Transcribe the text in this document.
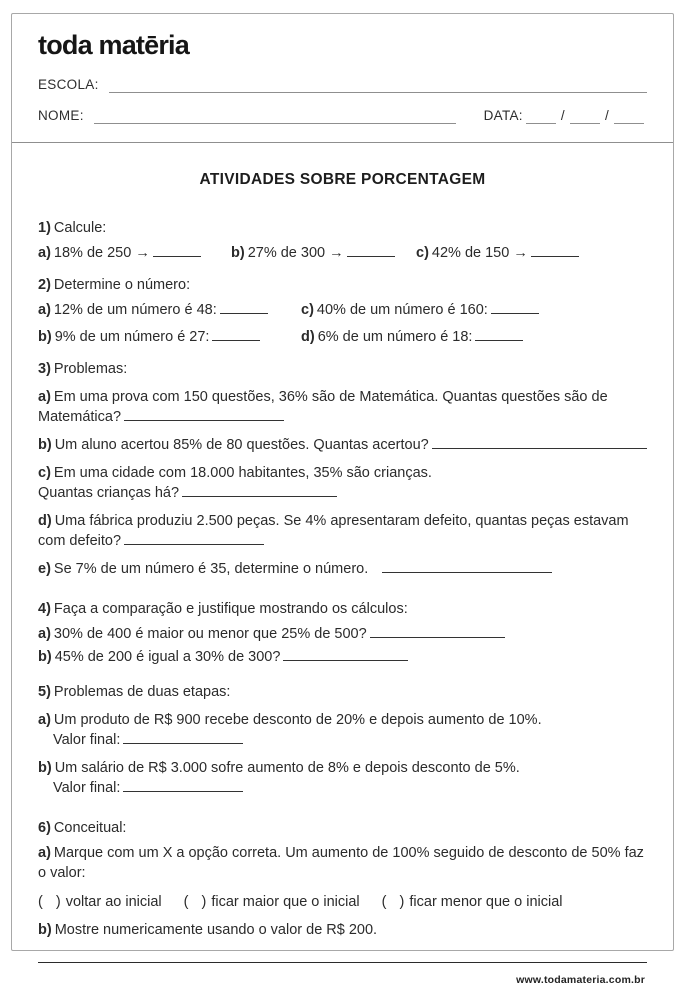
toda matēria
ESCOLA:
NOME:	DATA:	/	/
ATIVIDADES SOBRE PORCENTAGEM
1) Calcule:
a) 18% de 250 →	b) 27% de 300 →	c) 42% de 150 →
2) Determine o número:
a) 12% de um número é 48:	c) 40% de um número é 160:
b) 9% de um número é 27:	d) 6% de um número é 18:
3) Problemas:
a) Em uma prova com 150 questões, 36% são de Matemática. Quantas questões são de Matemática?
b) Um aluno acertou 85% de 80 questões. Quantas acertou?
c) Em uma cidade com 18.000 habitantes, 35% são crianças.
Quantas crianças há?
d) Uma fábrica produziu 2.500 peças. Se 4% apresentaram defeito, quantas peças estavam com defeito?
e) Se 7% de um número é 35, determine o número.
4) Faça a comparação e justifique mostrando os cálculos:
a) 30% de 400 é maior ou menor que 25% de 500?
b) 45% de 200 é igual a 30% de 300?
5) Problemas de duas etapas:
a) Um produto de R$ 900 recebe desconto de 20% e depois aumento de 10%.
Valor final:
b) Um salário de R$ 3.000 sofre aumento de 8% e depois desconto de 5%.
Valor final:
6) Conceitual:
a) Marque com um X a opção correta. Um aumento de 100% seguido de desconto de 50% faz o valor:
( ) voltar ao inicial ( ) ficar maior que o inicial ( ) ficar menor que o inicial
b) Mostre numericamente usando o valor de R$ 200.
www.todamateria.com.br
